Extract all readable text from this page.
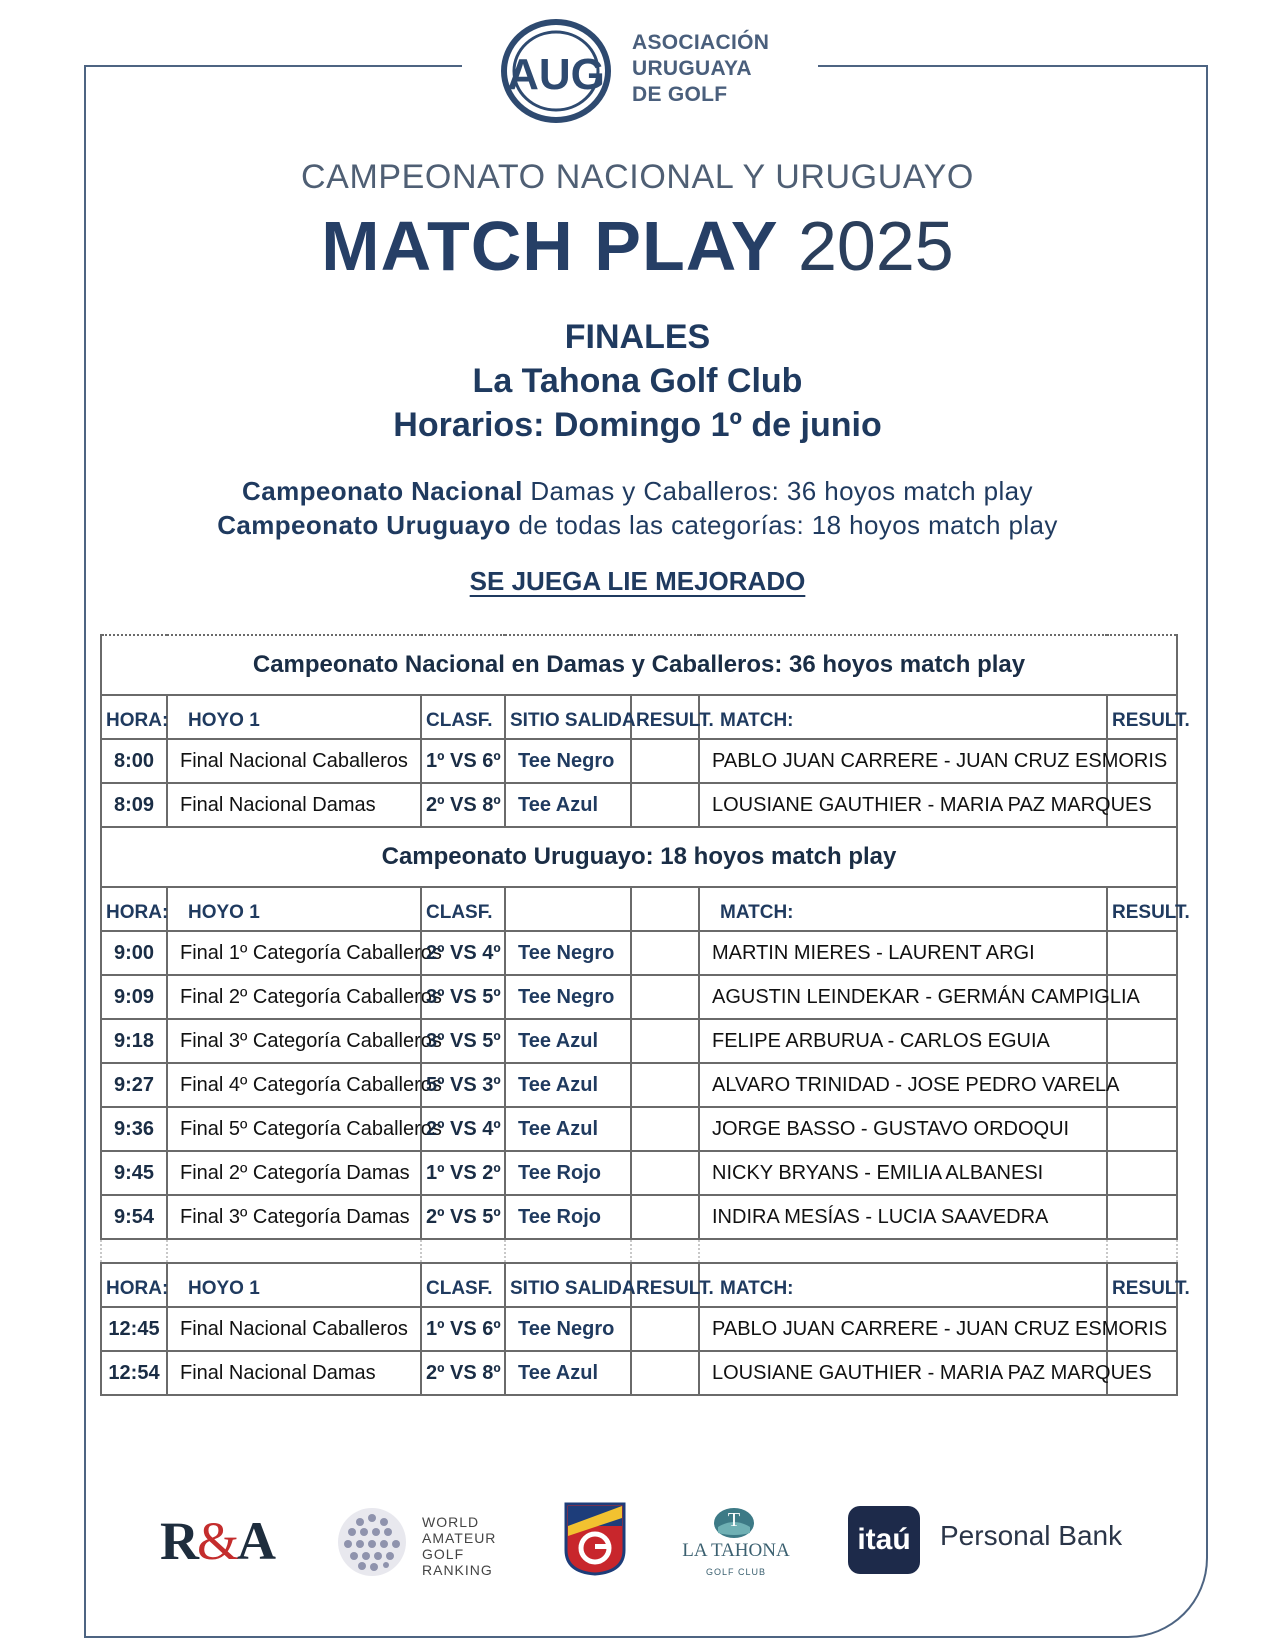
AUG
ASOCIACIÓN
URUGUAYA
DE GOLF
CAMPEONATO NACIONAL Y URUGUAYO
MATCH PLAY 2025
FINALES
La Tahona Golf Club
Horarios: Domingo 1º de junio
Campeonato Nacional Damas y Caballeros: 36 hoyos match play
Campeonato Uruguayo de todas las categorías: 18 hoyos match play
SE JUEGA LIE MEJORADO
Campeonato Nacional en Damas y Caballeros: 36 hoyos match play						
HORA:	HOYO 1	CLASF.	SITIO SALIDA	RESULT.	MATCH:	RESULT.
8:00	Final Nacional Caballeros	1º VS 6º	Tee Negro		PABLO JUAN CARRERE - JUAN CRUZ ESMORIS	
8:09	Final Nacional Damas	2º VS 8º	Tee Azul		LOUSIANE GAUTHIER - MARIA PAZ MARQUES	
Campeonato Uruguayo: 18 hoyos match play						
HORA:	HOYO 1	CLASF.			MATCH:	RESULT.
9:00	Final 1º Categoría Caballeros	2º VS 4º	Tee Negro		MARTIN MIERES - LAURENT ARGI	
9:09	Final 2º Categoría Caballeros	3º VS 5º	Tee Negro		AGUSTIN LEINDEKAR - GERMÁN CAMPIGLIA	
9:18	Final 3º Categoría Caballeros	3º VS 5º	Tee Azul		FELIPE ARBURUA - CARLOS EGUIA	
9:27	Final 4º Categoría Caballeros	5º VS 3º	Tee Azul		ALVARO TRINIDAD - JOSE PEDRO VARELA	
9:36	Final 5º Categoría Caballeros	2º VS 4º	Tee Azul		JORGE BASSO - GUSTAVO ORDOQUI	
9:45	Final 2º Categoría Damas	1º VS 2º	Tee Rojo		NICKY BRYANS - EMILIA ALBANESI	
9:54	Final 3º Categoría Damas	2º VS 5º	Tee Rojo		INDIRA MESÍAS - LUCIA SAAVEDRA	

HORA:	HOYO 1	CLASF.	SITIO SALIDA	RESULT.	MATCH:	RESULT.
12:45	Final Nacional Caballeros	1º VS 6º	Tee Negro		PABLO JUAN CARRERE - JUAN CRUZ ESMORIS	
12:54	Final Nacional Damas	2º VS 8º	Tee Azul		LOUSIANE GAUTHIER - MARIA PAZ MARQUES	
R&A	WORLD
AMATEUR
GOLF
RANKING
T
LA TAHONA
GOLF CLUB
itaú	Personal Bank
